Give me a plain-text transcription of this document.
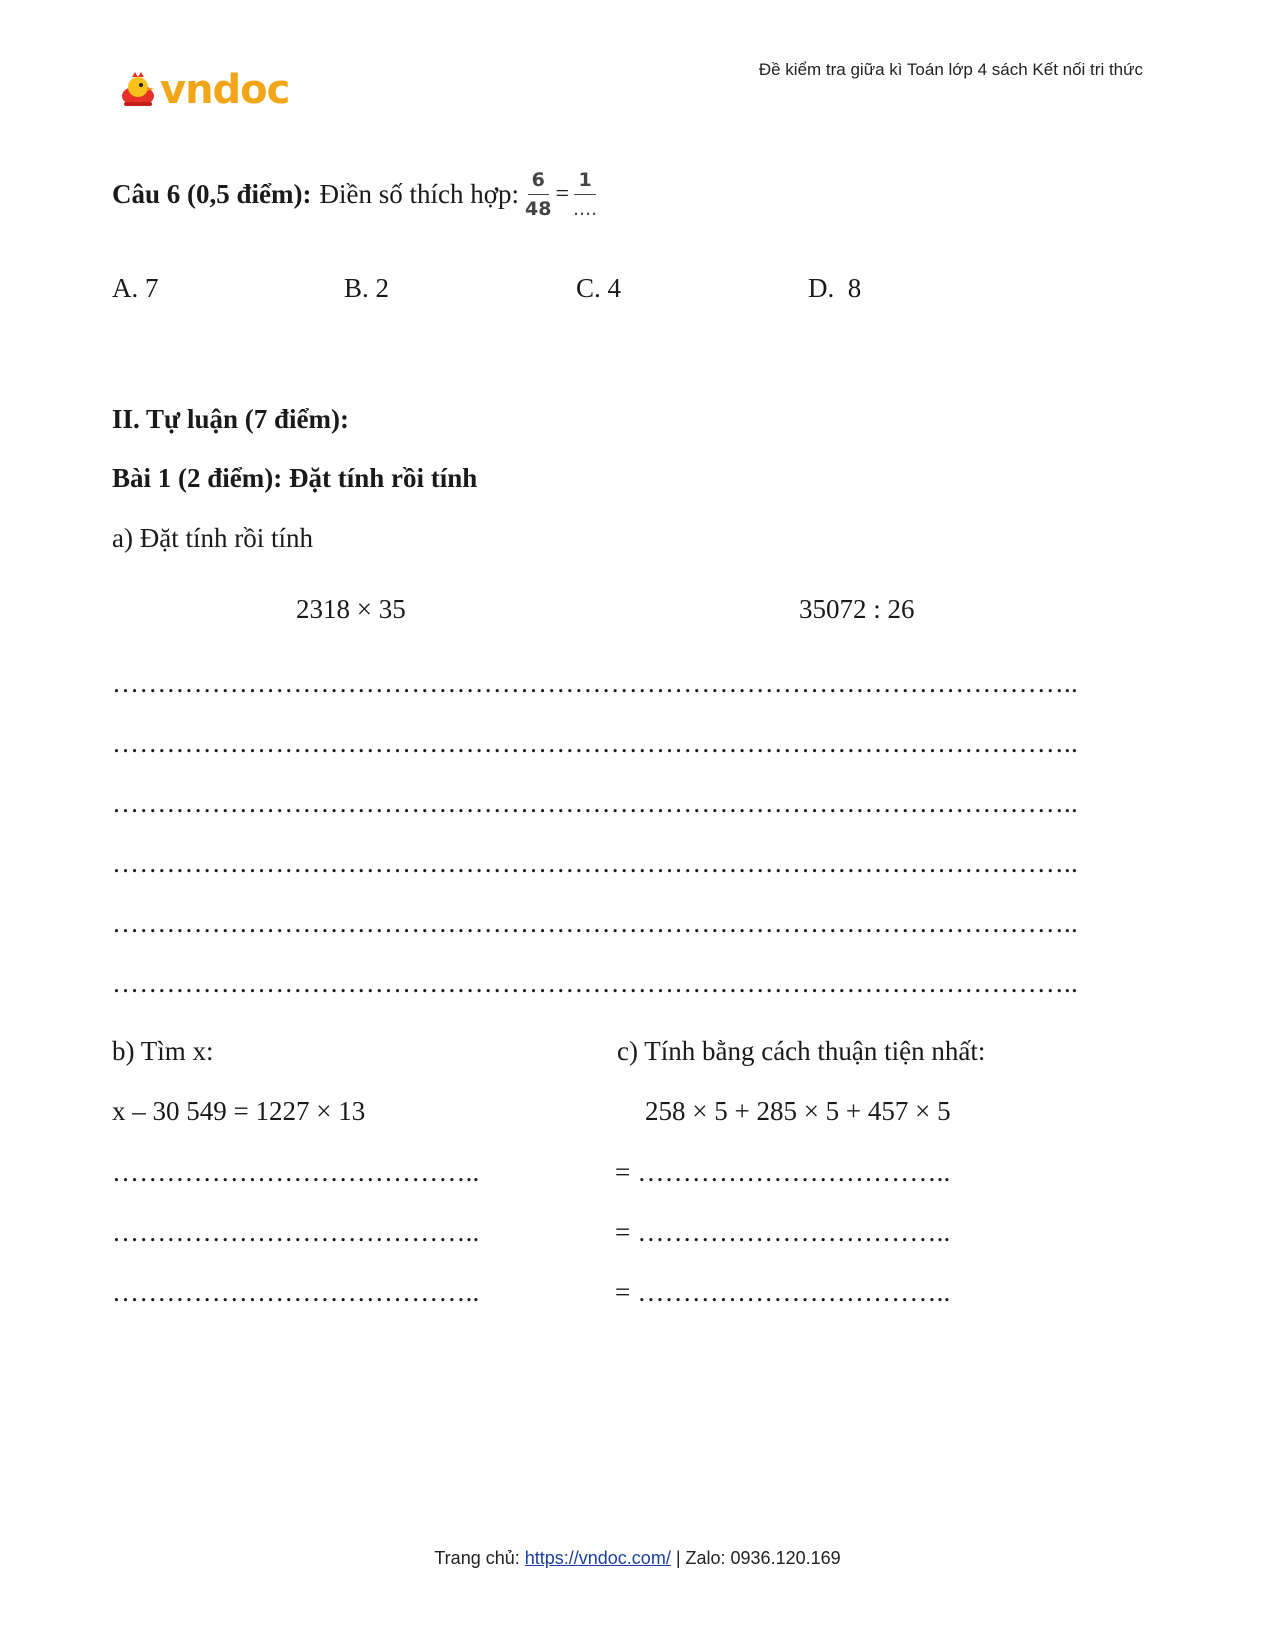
vndoc	Đề kiểm tra giữa kì Toán lớp 4 sách Kết nối tri thức
Câu 6 (0,5 điểm): Điền số thích hợp: $\frac{6}{48} = \frac{1}{....}$
A. 7	B. 2	C. 4	D.  8
II. Tự luận (7 điểm):
Bài 1 (2 điểm): Đặt tính rồi tính
a) Đặt tính rồi tính
2318 × 35	35072 : 26
……………………………………………………………………………………………..
……………………………………………………………………………………………..
……………………………………………………………………………………………..
……………………………………………………………………………………………..
……………………………………………………………………………………………..
……………………………………………………………………………………………..
b) Tìm x:
x – 30 549 = 1227 × 13
…………………………………..
…………………………………..
…………………………………..
c) Tính bằng cách thuận tiện nhất:
258 × 5 + 285 × 5 + 457 × 5
= ……………………………..
= ……………………………..
= ……………………………..
Trang chủ: https://vndoc.com/ | Zalo: 0936.120.169
